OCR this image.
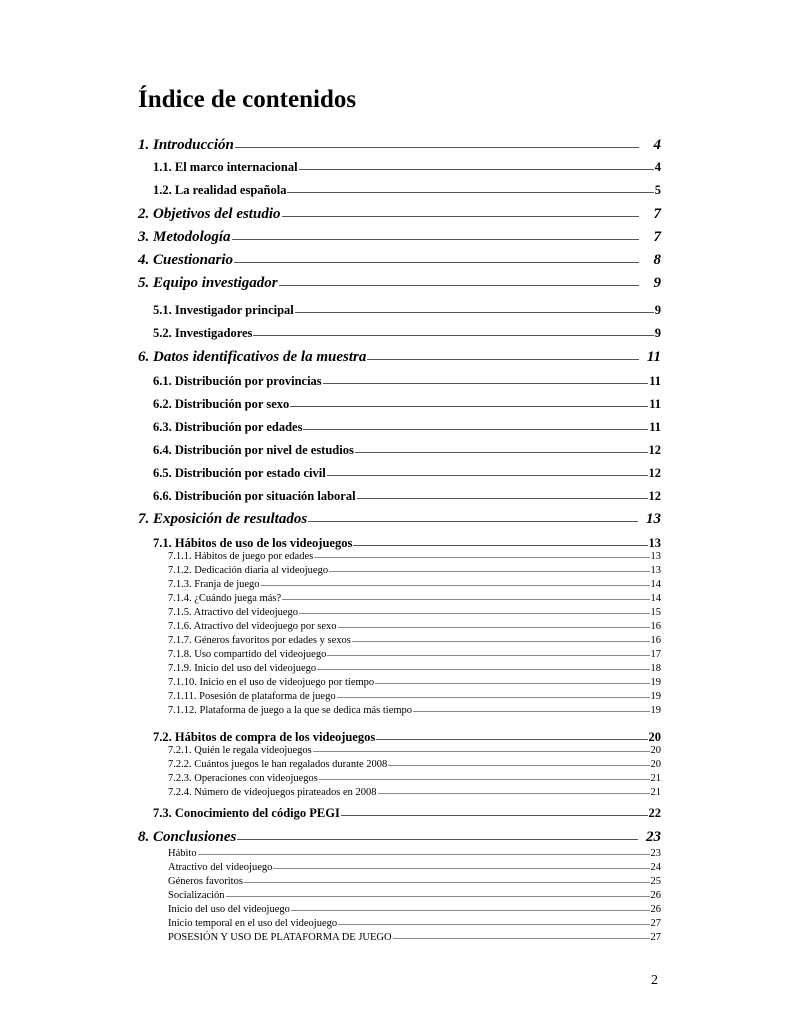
Índice de contenidos
1. Introducción	4
1.1. El marco internacional	4
1.2. La realidad española	5
2. Objetivos del estudio	7
3. Metodología	7
4. Cuestionario	8
5. Equipo investigador	9
5.1. Investigador principal	9
5.2. Investigadores	9
6. Datos identificativos de la muestra	11
6.1. Distribución por provincias	11
6.2. Distribución por sexo	11
6.3. Distribución por edades	11
6.4. Distribución por nivel de estudios	12
6.5. Distribución por estado civil	12
6.6. Distribución por situación laboral	12
7. Exposición de resultados	13
7.1. Hábitos de uso de los videojuegos	13
7.1.1. Hábitos de juego por edades	13
7.1.2. Dedicación diaria al videojuego	13
7.1.3. Franja de juego	14
7.1.4. ¿Cuándo juega más?	14
7.1.5. Atractivo del videojuego	15
7.1.6. Atractivo del videojuego por sexo	16
7.1.7. Géneros favoritos por edades y sexos	16
7.1.8. Uso compartido del videojuego	17
7.1.9. Inicio del uso del videojuego	18
7.1.10. Inicio en el uso de videojuego por tiempo	19
7.1.11. Posesión de plataforma de juego	19
7.1.12. Plataforma de juego a la que se dedica más tiempo	19
7.2. Hábitos de compra de los videojuegos	20
7.2.1. Quién le regala videojuegos	20
7.2.2. Cuántos juegos le han regalados durante 2008	20
7.2.3. Operaciones con videojuegos	21
7.2.4. Número de videojuegos pirateados en 2008	21
7.3. Conocimiento del código PEGI	22
8. Conclusiones	23
Hábito	23
Atractivo del videojuego	24
Géneros favoritos	25
Socialización	26
Inicio del uso del videojuego	26
Inicio temporal en el uso del videojuego	27
POSESIÓN Y USO DE PLATAFORMA DE JUEGO	27
2
